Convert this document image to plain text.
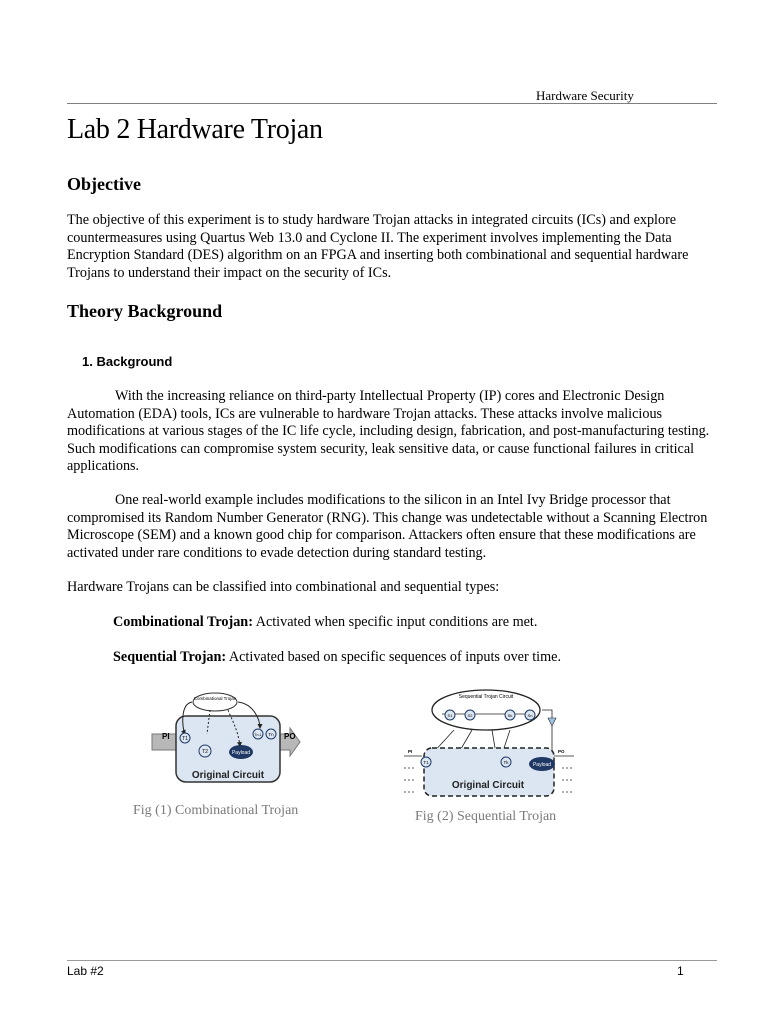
Hardware Security
Lab 2 Hardware Trojan
Objective

The objective of this experiment is to study hardware Trojan attacks in integrated circuits (ICs) and explore countermeasures using Quartus Web 13.0 and Cyclone II. The experiment involves implementing the Data Encryption Standard (DES) algorithm on an FPGA and inserting both combinational and sequential hardware Trojans to understand their impact on the security of ICs.

Theory Background
1. Background

With the increasing reliance on third-party Intellectual Property (IP) cores and Electronic Design Automation (EDA) tools, ICs are vulnerable to hardware Trojan attacks. These attacks involve malicious modifications at various stages of the IC life cycle, including design, fabrication, and post-manufacturing testing. Such modifications can compromise system security, leak sensitive data, or cause functional failures in critical applications.

One real-world example includes modifications to the silicon in an Intel Ivy Bridge processor that compromised its Random Number Generator (RNG). This change was undetectable without a Scanning Electron Microscope (SEM) and a known good chip for comparison. Attackers often ensure that these modifications are activated under rare conditions to evade detection during standard testing.

Hardware Trojans can be classified into combinational and sequential types:

Combinational Trojan: Activated when specific input conditions are met.
Sequential Trojan: Activated based on specific sequences of inputs over time.
Combinational Trojan
T1
T2
Tn-1 Tn
Payload
Original Circuit
PI	PO
Fig (1) Combinational Trojan
Sequential Trojan Circuit
S1	S2	Sk	Sn
T1	Tk	Payload
Original Circuit
PI	PO
Fig (2) Sequential Trojan
Lab #2	1
